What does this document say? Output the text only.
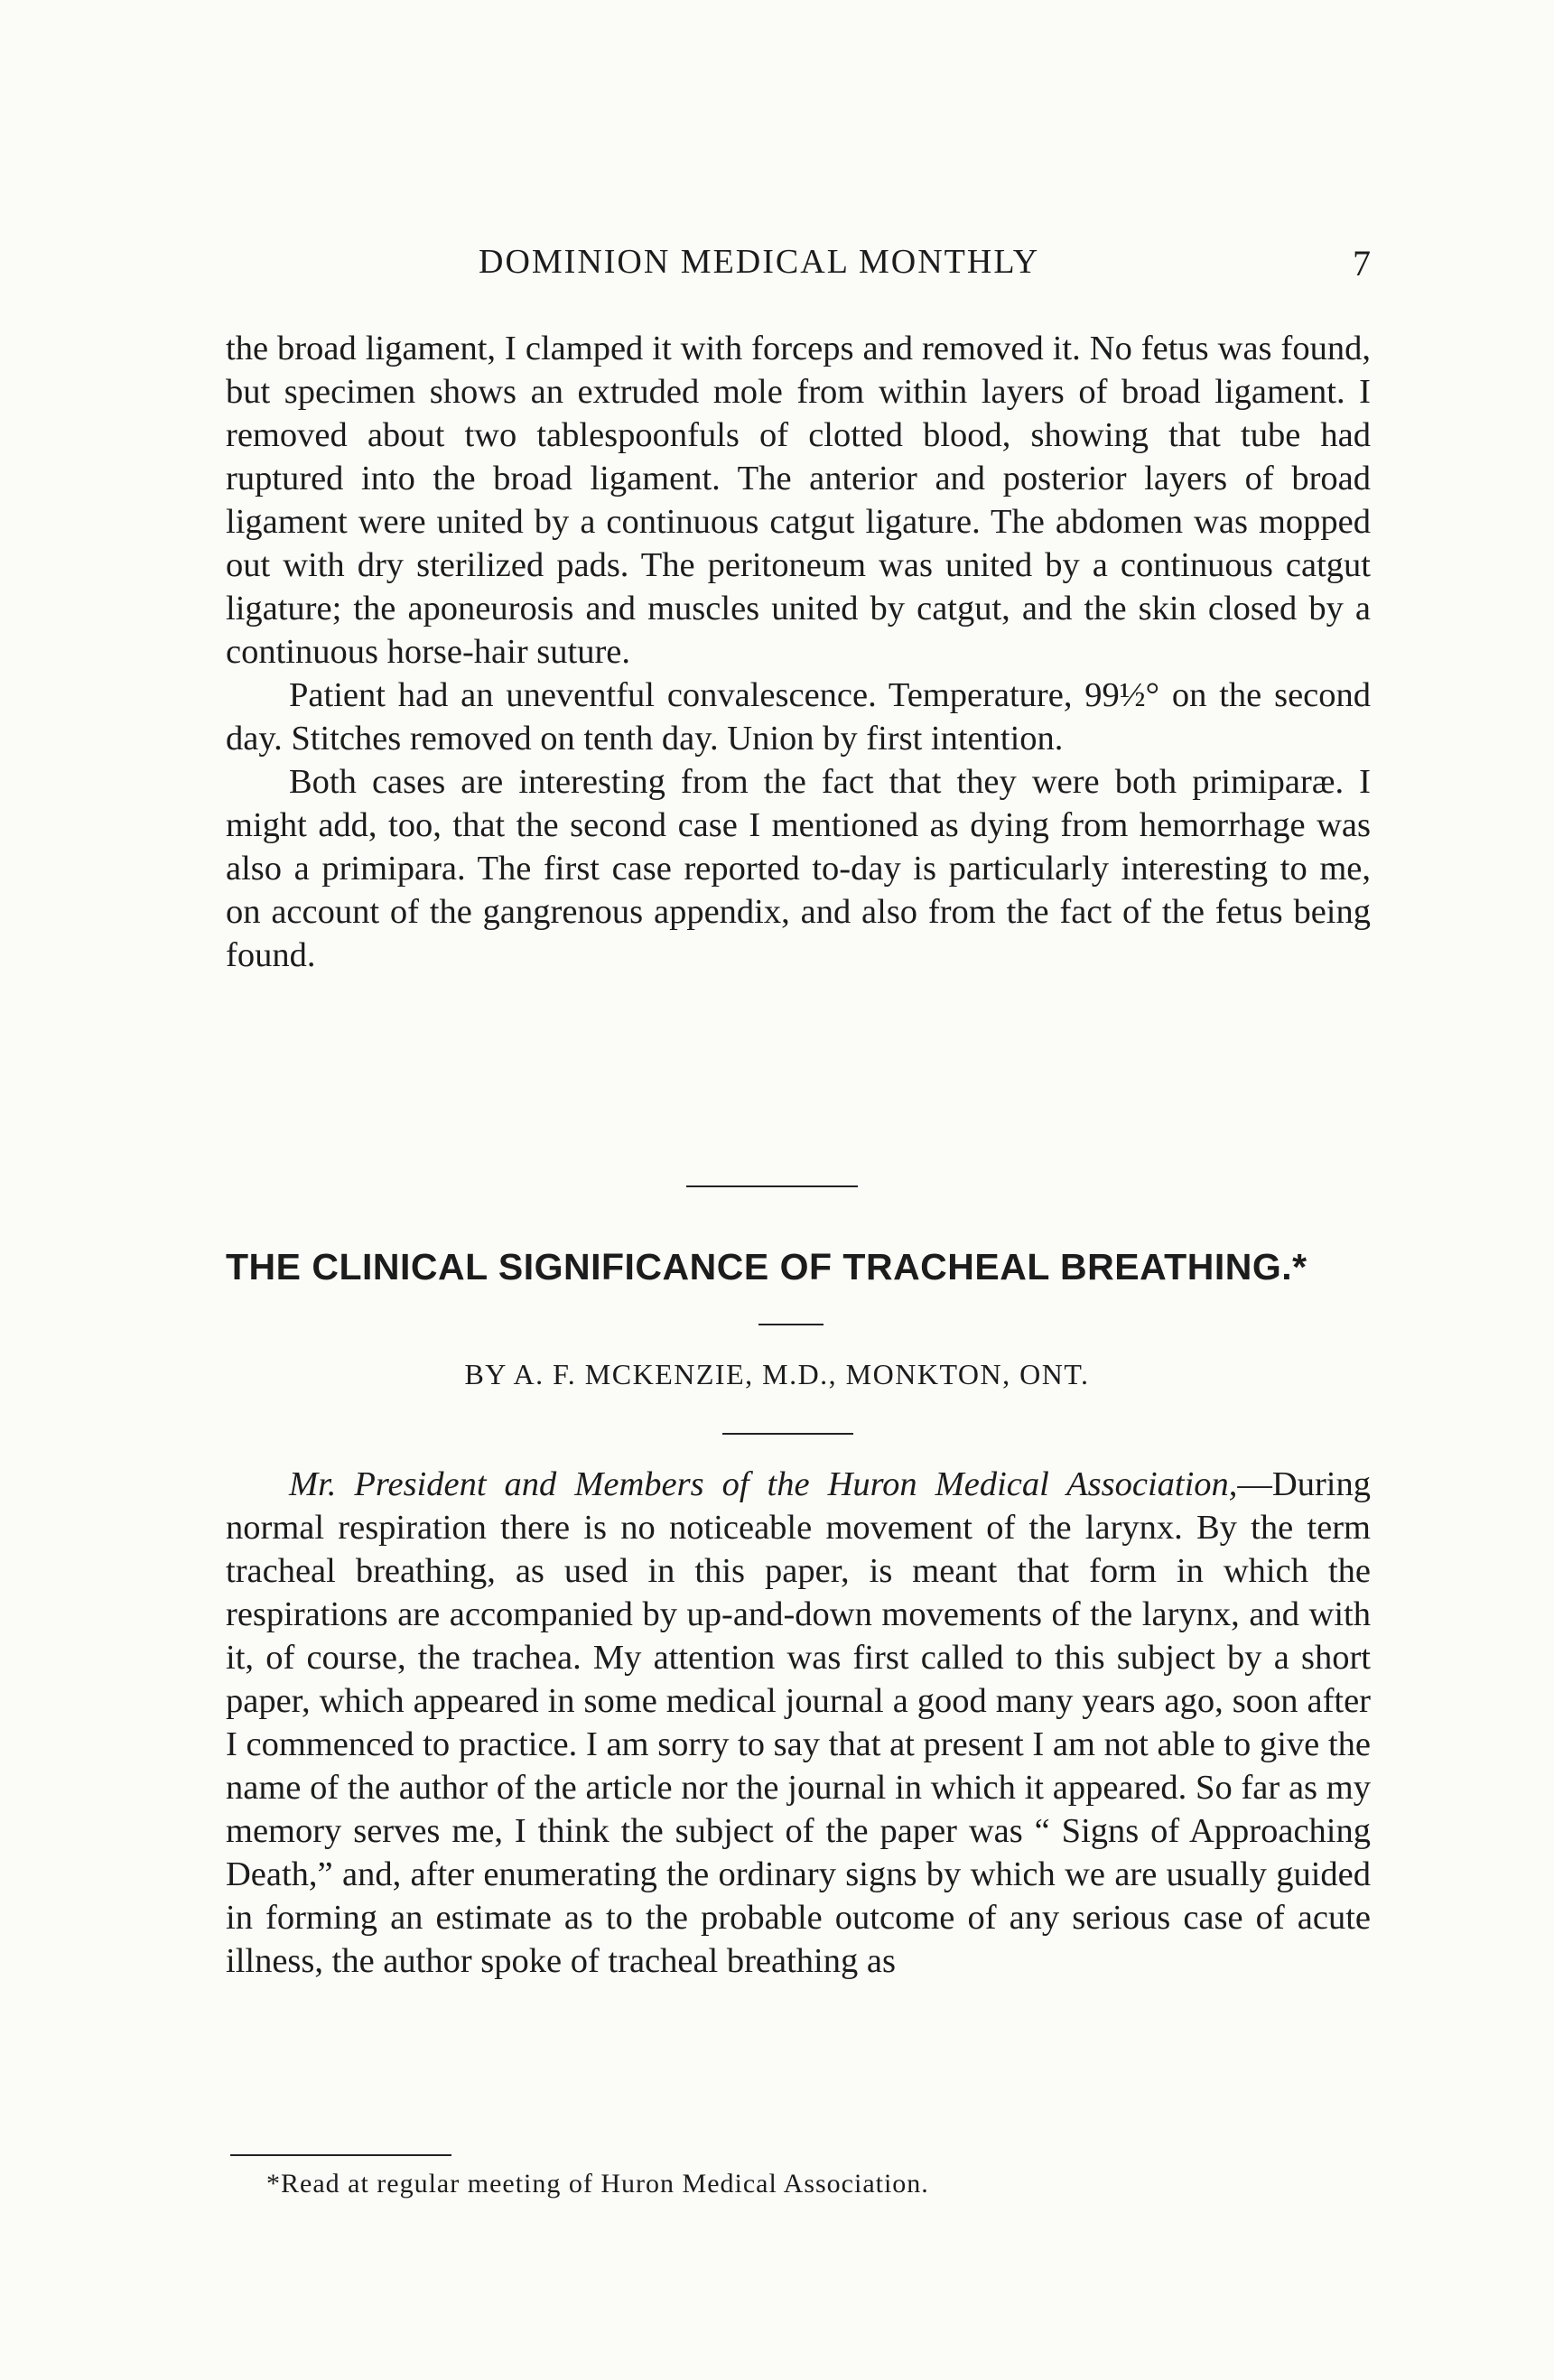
DOMINION MEDICAL MONTHLY	7

the broad ligament, I clamped it with forceps and removed it. No fetus was found, but specimen shows an extruded mole from within layers of broad ligament. I removed about two tablespoonfuls of clotted blood, showing that tube had ruptured into the broad ligament. The anterior and posterior layers of broad ligament were united by a continuous catgut ligature. The abdomen was mopped out with dry sterilized pads. The peritoneum was united by a continuous catgut ligature; the aponeurosis and muscles united by catgut, and the skin closed by a continuous horse-hair suture.

Patient had an uneventful convalescence. Temperature, 99½° on the second day. Stitches removed on tenth day. Union by first intention.

Both cases are interesting from the fact that they were both primiparæ. I might add, too, that the second case I mentioned as dying from hemorrhage was also a primipara. The first case reported to-day is particularly interesting to me, on account of the gangrenous appendix, and also from the fact of the fetus being found.

THE CLINICAL SIGNIFICANCE OF TRACHEAL BREATHING.*
BY A. F. MCKENZIE, M.D., MONKTON, ONT.

Mr. President and Members of the Huron Medical Association,—During normal respiration there is no noticeable movement of the larynx. By the term tracheal breathing, as used in this paper, is meant that form in which the respirations are accompanied by up-and-down movements of the larynx, and with it, of course, the trachea. My attention was first called to this subject by a short paper, which appeared in some medical journal a good many years ago, soon after I commenced to practice. I am sorry to say that at present I am not able to give the name of the author of the article nor the journal in which it appeared. So far as my memory serves me, I think the subject of the paper was “ Signs of Approaching Death,” and, after enumerating the ordinary signs by which we are usually guided in forming an estimate as to the probable outcome of any serious case of acute illness, the author spoke of tracheal breathing as

*Read at regular meeting of Huron Medical Association.
